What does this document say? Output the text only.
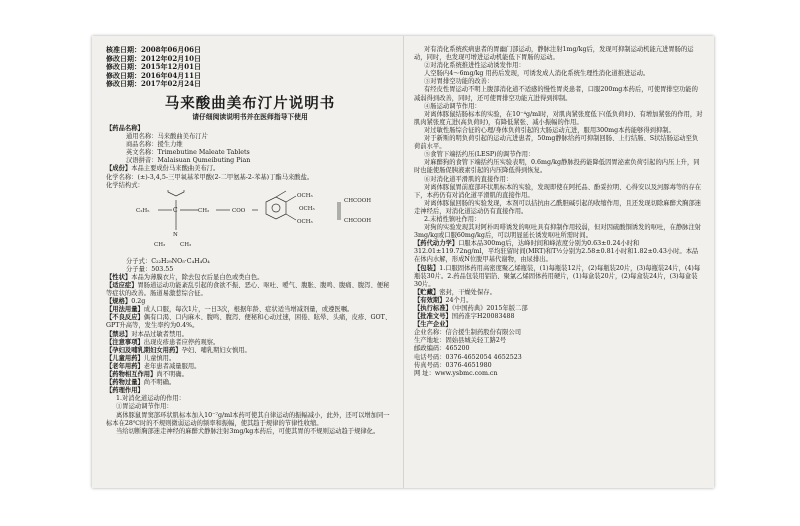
核准日期：2008年06月06日
修改日期：2012年02月10日
修改日期：2015年12月01日
修改日期：2016年04月11日
修改日期：2017年02月24日
马来酸曲美布汀片说明书
请仔细阅读说明书并在医师指导下使用
【药品名称】
通用名称：马来酸曲美布汀片
商品名称：援生力维
英文名称：Trimebutine Maleate Tablets
汉语拼音：Malaisuan Qumeibuting Pian
【成份】本品主要成份马来酸曲美布汀。
化学名称：(±)-3,4,5-三甲氧基苯甲酸(2-二甲氨基-2-苯基)丁酯马来酸盐。
化学结构式：
C₂H₅	C	CH₂	COO
N
CH₃	CH₃
OCH₃
OCH₃
OCH₃
CHCOOH
CHCOOH
分子式：C₂₂H₂₉NO₅·C₄H₄O₄
分子量：503.55

【性状】本品为薄膜衣片，除去包衣后显白色或类白色。

【适应症】胃肠道运动功能紊乱引起的食欲不振、恶心、呕吐、嗳气、腹胀、腹鸣、腹痛、腹泻、便秘等症状的改善。肠道易激惹综合征。

【规格】0.2g

【用法用量】成人口服，每次1片，一日3次，根据年龄、症状适当增减剂量，或遵医嘱。

【不良反应】偶有口渴、口内麻木、腹鸣、腹泻、便秘和心动过速，困倦、眩晕、头痛，皮疹、GOT、GPT升高等，发生率约为0.4%。

【禁忌】对本品过敏者禁用。

【注意事项】出现皮疹患者应停药观察。

【孕妇及哺乳期妇女用药】孕妇、哺乳期妇女慎用。

【儿童用药】儿童慎用。

【老年用药】老年患者减量服用。

【药物相互作用】尚不明确。

【药物过量】尚不明确。

【药理作用】

1.对消化道运动的作用：

①胃运动调节作用：

离体豚鼠胃窦部环状肌标本加入10⁻⁷g/ml本药可使其自律运动的振幅减小，此外，还可以增加同一标本在28℃时的不规则微弱运动的频率和振幅，使其趋于规律的节律性收缩。

当给切断胸部迷走神经的麻醉犬静脉注射3mg/kg本药后，可使其胃的不规则运动趋于规律化。

对有消化系统疾病患者的胃幽门部运动，静脉注射1mg/kg后，发现可抑制运动机能亢进胃肠的运动，同时，也发现可增进运动机能低下胃肠的运动。

②对消化系统推进性运动诱发作用：

人空肠内4～6mg/kg 用药后发现，可诱发成人消化系统生理性消化道推进运动。

③对胃排空功能的改善：

有经皮性胃运动不明上腹部消化道不适感的慢性胃炎患者，口服200mg本药后，可使胃排空功能的减弱得到改善，同时，还可使胃排空功能亢进得到抑制。

④肠运动调节作用：

对离体豚鼠结肠标本的实验，在10⁻⁴g/ml时，对肌肉紧张度低下(低负荷时)、有增加紧张的作用，对肌肉紧张度亢进(高负荷时)，有降低紧张、减小振幅的作用。

对过敏性肠综合征的心理/身体负荷引起的大肠运动亢进，服用300mg本药能够得到抑制。

对于新斯的明负荷引起的运动亢进患者，50mg静脉给药可抑制回肠、上行结肠、S状结肠运动至负荷前水平。

⑤食管下端括约压(LESP)的调节作用：

对麻醉狗的食管下端括约压实验表明，0.6mg/kg静脉投药能降低因胃泌素负荷引起的内压上升，同时也能使肠促胰液素引起的内压降低得到恢复。

⑥对消化道平滑肌的直接作用：

对离体豚鼠胃前庭部环状肌标本的实验，发现即使在阿托品、酚妥拉明、心得安以及河豚毒等的存在下，本药仍有对消化道平滑肌的直接作用。

对离体豚鼠回肠的实验发现，本剂可以拮抗由乙酰胆碱引起的收缩作用，且还发现切除麻醉犬胸部迷走神经后，对消化道运动仍有直接作用。

2.末梢性镇吐作用：

对狗的实验发现其对阿朴吗啡诱发的呕吐具有抑制作用较弱，但对因硫酸铜诱发的呕吐，在静脉注射3mg/kg或口服60mg/kg后，可以明显延长诱发呕吐所需时间。

【药代动力学】口服本品300mg后，达峰时间和峰浓度分别为0.63±0.24小时和312.01±119.72ng/ml，平均驻留时间(MRT)和T½分别为2.58±0.81小时和1.82±0.43小时。本品在体内水解，形成N位脱甲基代谢物，由尿排出。

【包装】1.口服固体药用高密度聚乙烯瓶装，(1)每瓶装12片，(2)每瓶装20片，(3)每瓶装24片，(4)每瓶装30片。2.药品包装用铝箔、聚氯乙烯固体药用硬片，(1)每盒装20片，(2)每盒装24片，(3)每盒装30片。

【贮藏】密封，干燥处保存。

【有效期】24个月。

【执行标准】《中国药典》2015年版二部

【批准文号】国药准字H20083488

【生产企业】

企业名称：信合援生制药股份有限公司
生产地址：固始县城关轻工路2号
邮政编码：465200
电话号码：0376-4652054 4652523
传真号码：0376-4651980
网 址：www.ysbmc.com.cn
